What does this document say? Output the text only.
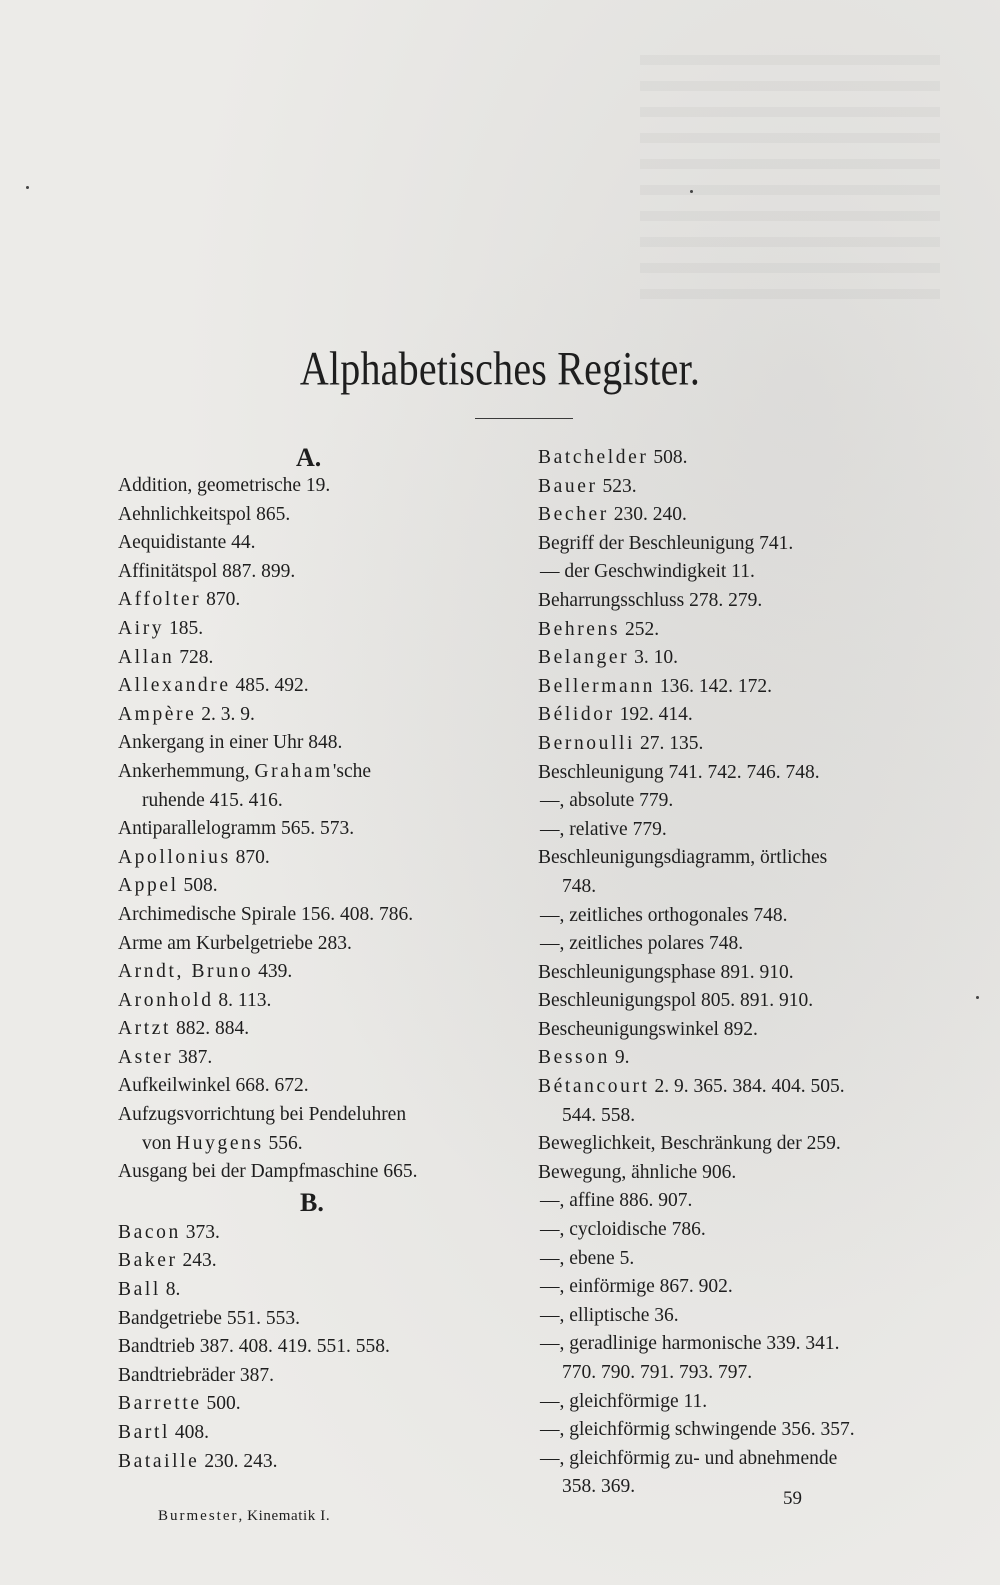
Alphabetisches Register.
A.
Addition, geometrische 19.
Aehnlichkeitspol 865.
Aequidistante 44.
Affinitätspol 887. 899.
Affolter 870.
Airy 185.
Allan 728.
Allexandre 485. 492.
Ampère 2. 3. 9.
Ankergang in einer Uhr 848.
Ankerhemmung, Graham'sche
ruhende 415. 416.
Antiparallelogramm 565. 573.
Apollonius 870.
Appel 508.
Archimedische Spirale 156. 408. 786.
Arme am Kurbelgetriebe 283.
Arndt, Bruno 439.
Aronhold 8. 113.
Artzt 882. 884.
Aster 387.
Aufkeilwinkel 668. 672.
Aufzugsvorrichtung bei Pendeluhren
von Huygens 556.
Ausgang bei der Dampfmaschine 665.
B.
Bacon 373.
Baker 243.
Ball 8.
Bandgetriebe 551. 553.
Bandtrieb 387. 408. 419. 551. 558.
Bandtriebräder 387.
Barrette 500.
Bartl 408.
Bataille 230. 243.
Batchelder 508.
Bauer 523.
Becher 230. 240.
Begriff der Beschleunigung 741.
— der Geschwindigkeit 11.
Beharrungsschluss 278. 279.
Behrens 252.
Belanger 3. 10.
Bellermann 136. 142. 172.
Bélidor 192. 414.
Bernoulli 27. 135.
Beschleunigung 741. 742. 746. 748.
—, absolute 779.
—, relative 779.
Beschleunigungsdiagramm, örtliches
748.
—, zeitliches orthogonales 748.
—, zeitliches polares 748.
Beschleunigungsphase 891. 910.
Beschleunigungspol 805. 891. 910.
Bescheunigungswinkel 892.
Besson 9.
Bétancourt 2. 9. 365. 384. 404. 505.
544. 558.
Beweglichkeit, Beschränkung der 259.
Bewegung, ähnliche 906.
—, affine 886. 907.
—, cycloidische 786.
—, ebene 5.
—, einförmige 867. 902.
—, elliptische 36.
—, geradlinige harmonische 339. 341.
770. 790. 791. 793. 797.
—, gleichförmige 11.
—, gleichförmig schwingende 356. 357.
—, gleichförmig zu- und abnehmende
358. 369.
Burmester, Kinematik I.
59
